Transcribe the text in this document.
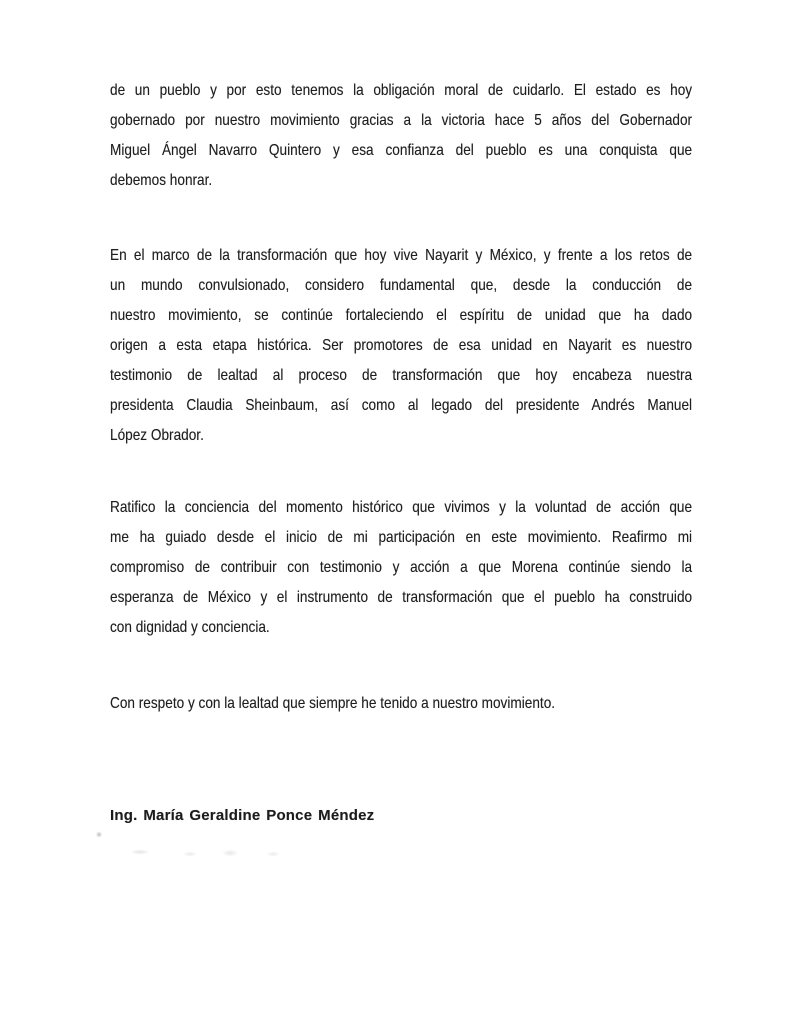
de un pueblo y por esto tenemos la obligación moral de cuidarlo. El estado es hoy
gobernado por nuestro movimiento gracias a la victoria hace 5 años del Gobernador
Miguel Ángel Navarro Quintero y esa confianza del pueblo es una conquista que
debemos honrar.
En el marco de la transformación que hoy vive Nayarit y México, y frente a los retos de
un mundo convulsionado, considero fundamental que, desde la conducción de
nuestro movimiento, se continúe fortaleciendo el espíritu de unidad que ha dado
origen a esta etapa histórica. Ser promotores de esa unidad en Nayarit es nuestro
testimonio de lealtad al proceso de transformación que hoy encabeza nuestra
presidenta Claudia Sheinbaum, así como al legado del presidente Andrés Manuel
López Obrador.
Ratifico la conciencia del momento histórico que vivimos y la voluntad de acción que
me ha guiado desde el inicio de mi participación en este movimiento. Reafirmo mi
compromiso de contribuir con testimonio y acción a que Morena continúe siendo la
esperanza de México y el instrumento de transformación que el pueblo ha construido
con dignidad y conciencia.
Con respeto y con la lealtad que siempre he tenido a nuestro movimiento.
Ing. María Geraldine Ponce Méndez
